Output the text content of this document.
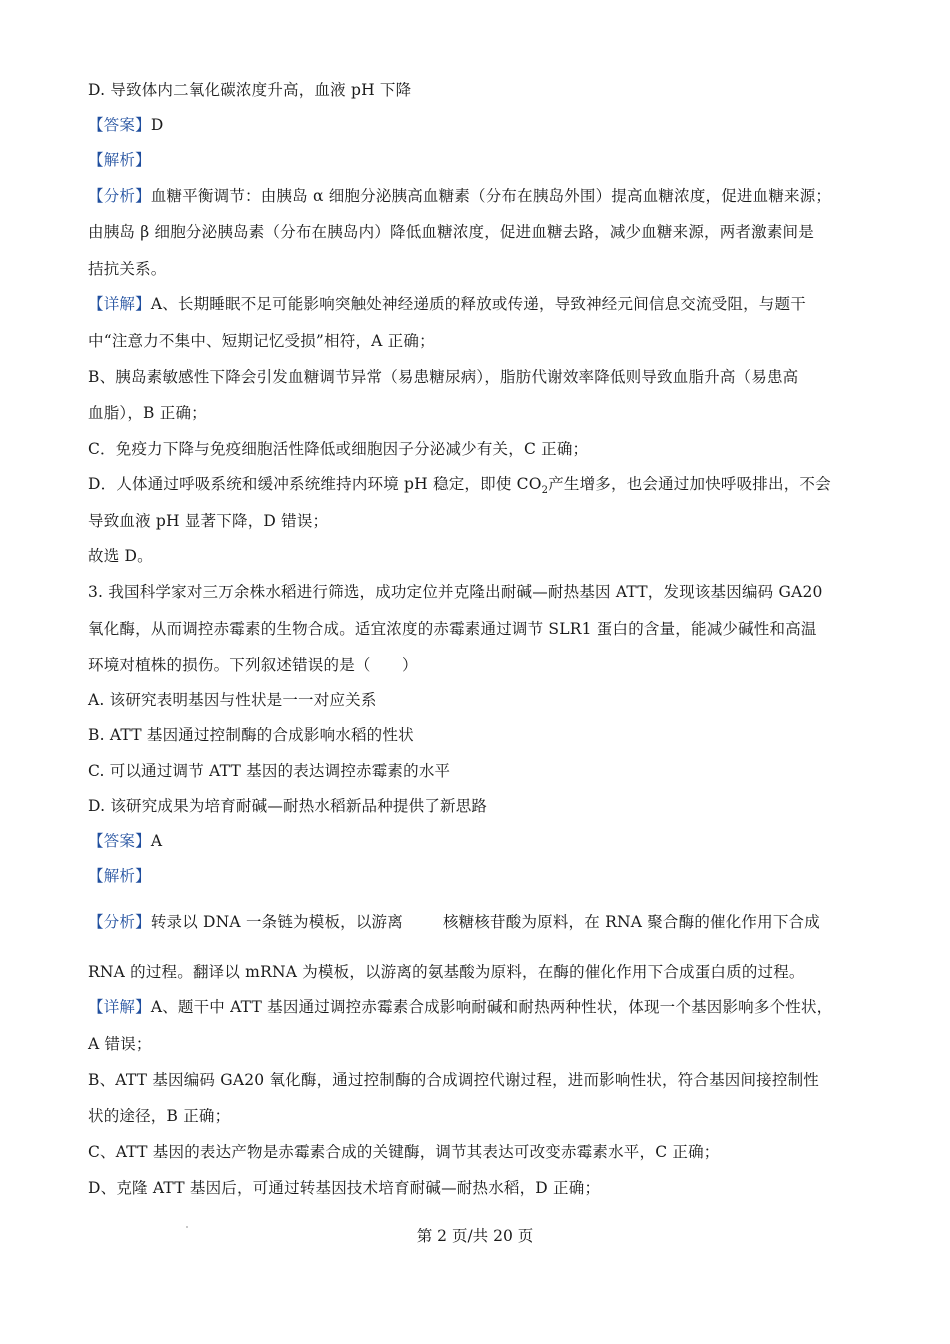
D. 导致体内二氧化碳浓度升高，血液 pH 下降
【答案】D
【解析】
【分析】血糖平衡调节：由胰岛 α 细胞分泌胰高血糖素（分布在胰岛外围）提高血糖浓度，促进血糖来源；
由胰岛 β 细胞分泌胰岛素（分布在胰岛内）降低血糖浓度，促进血糖去路，减少血糖来源，两者激素间是
拮抗关系。
【详解】A、长期睡眠不足可能影响突触处神经递质的释放或传递，导致神经元间信息交流受阻，与题干
中“注意力不集中、短期记忆受损”相符，A 正确；
B、胰岛素敏感性下降会引发血糖调节异常（易患糖尿病），脂肪代谢效率降低则导致血脂升高（易患高
血脂），B 正确；
C．免疫力下降与免疫细胞活性降低或细胞因子分泌减少有关，C 正确；
D．人体通过呼吸系统和缓冲系统维持内环境 pH 稳定，即使 $CO_2$产生增多，也会通过加快呼吸排出，不会
导致血液 pH 显著下降，D 错误；
故选 D。
3. 我国科学家对三万余株水稻进行筛选，成功定位并克隆出耐碱—耐热基因 ATT，发现该基因编码 GA20
氧化酶，从而调控赤霉素的生物合成。适宜浓度的赤霉素通过调节 SLR1 蛋白的含量，能减少碱性和高温
环境对植株的损伤。下列叙述错误的是（　　）
A. 该研究表明基因与性状是一一对应关系
B. ATT 基因通过控制酶的合成影响水稻的性状
C. 可以通过调节 ATT 基因的表达调控赤霉素的水平
D. 该研究成果为培育耐碱—耐热水稻新品种提供了新思路
【答案】A
【解析】
【分析】转录以 DNA 一条链为模板，以游离	核糖核苷酸为原料，在 RNA 聚合酶的催化作用下合成
RNA 的过程。翻译以 mRNA 为模板，以游离的氨基酸为原料，在酶的催化作用下合成蛋白质的过程。
【详解】A、题干中 ATT 基因通过调控赤霉素合成影响耐碱和耐热两种性状，体现一个基因影响多个性状，
A 错误；
B、ATT 基因编码 GA20 氧化酶，通过控制酶的合成调控代谢过程，进而影响性状，符合基因间接控制性
状的途径，B 正确；
C、ATT 基因的表达产物是赤霉素合成的关键酶，调节其表达可改变赤霉素水平，C 正确；
D、克隆 ATT 基因后，可通过转基因技术培育耐碱—耐热水稻，D 正确；
第 2 页/共 20 页
